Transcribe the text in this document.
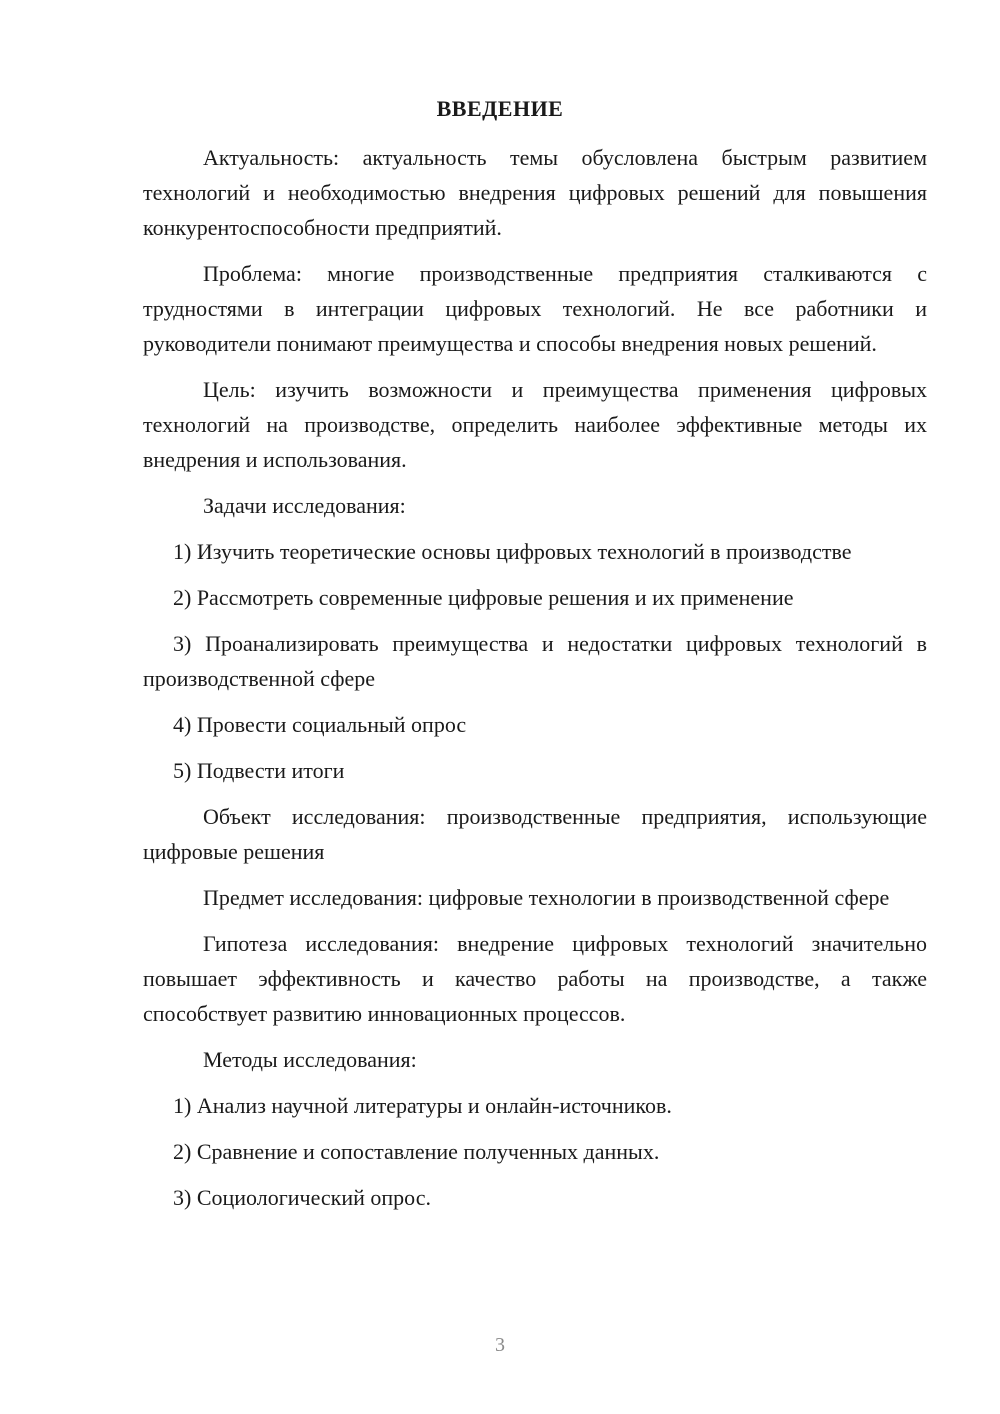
ВВЕДЕНИЕ

Актуальность: актуальность темы обусловлена быстрым развитием технологий и необходимостью внедрения цифровых решений для повышения конкурентоспособности предприятий.

Проблема: многие производственные предприятия сталкиваются с трудностями в интеграции цифровых технологий. Не все работники и руководители понимают преимущества и способы внедрения новых решений.

Цель: изучить возможности и преимущества применения цифровых технологий на производстве, определить наиболее эффективные методы их внедрения и использования.

Задачи исследования:

1) Изучить теоретические основы цифровых технологий в производстве

2) Рассмотреть современные цифровые решения и их применение

3) Проанализировать преимущества и недостатки цифровых технологий в производственной сфере

4) Провести социальный опрос

5) Подвести итоги

Объект исследования: производственные предприятия, использующие цифровые решения

Предмет исследования: цифровые технологии в производственной сфере

Гипотеза исследования: внедрение цифровых технологий значительно повышает эффективность и качество работы на производстве, а также способствует развитию инновационных процессов.

Методы исследования:

1) Анализ научной литературы и онлайн-источников.

2) Сравнение и сопоставление полученных данных.

3) Социологический опрос.

3
